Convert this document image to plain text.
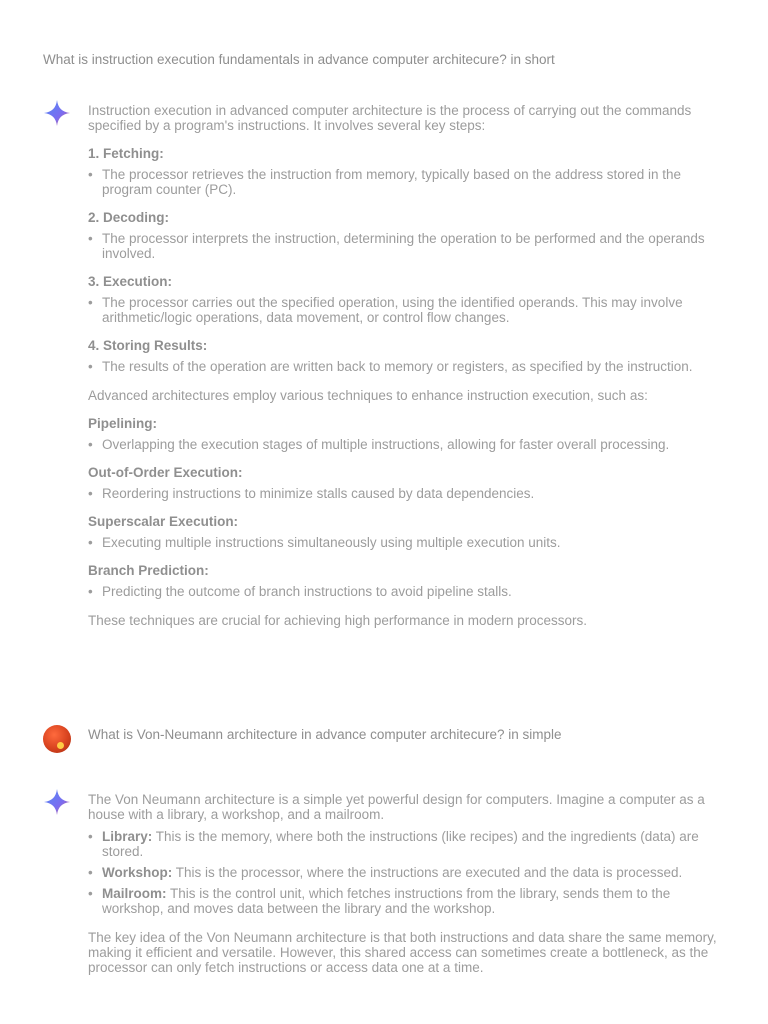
What is instruction execution fundamentals in advance computer architecure? in short

Instruction execution in advanced computer architecture is the process of carrying out the commands specified by a program's instructions. It involves several key steps:

1. Fetching:

• The processor retrieves the instruction from memory, typically based on the address stored in the program counter (PC).

2. Decoding:

• The processor interprets the instruction, determining the operation to be performed and the operands involved.

3. Execution:

• The processor carries out the specified operation, using the identified operands. This may involve arithmetic/logic operations, data movement, or control flow changes.

4. Storing Results:

• The results of the operation are written back to memory or registers, as specified by the instruction.

Advanced architectures employ various techniques to enhance instruction execution, such as:

Pipelining:

• Overlapping the execution stages of multiple instructions, allowing for faster overall processing.

Out-of-Order Execution:

• Reordering instructions to minimize stalls caused by data dependencies.

Superscalar Execution:

• Executing multiple instructions simultaneously using multiple execution units.

Branch Prediction:

• Predicting the outcome of branch instructions to avoid pipeline stalls.

These techniques are crucial for achieving high performance in modern processors.

What is Von-Neumann architecture in advance computer architecure? in simple

The Von Neumann architecture is a simple yet powerful design for computers. Imagine a computer as a house with a library, a workshop, and a mailroom.

• Library: This is the memory, where both the instructions (like recipes) and the ingredients (data) are stored.
• Workshop: This is the processor, where the instructions are executed and the data is processed.
• Mailroom: This is the control unit, which fetches instructions from the library, sends them to the workshop, and moves data between the library and the workshop.

The key idea of the Von Neumann architecture is that both instructions and data share the same memory, making it efficient and versatile. However, this shared access can sometimes create a bottleneck, as the processor can only fetch instructions or access data one at a time.
